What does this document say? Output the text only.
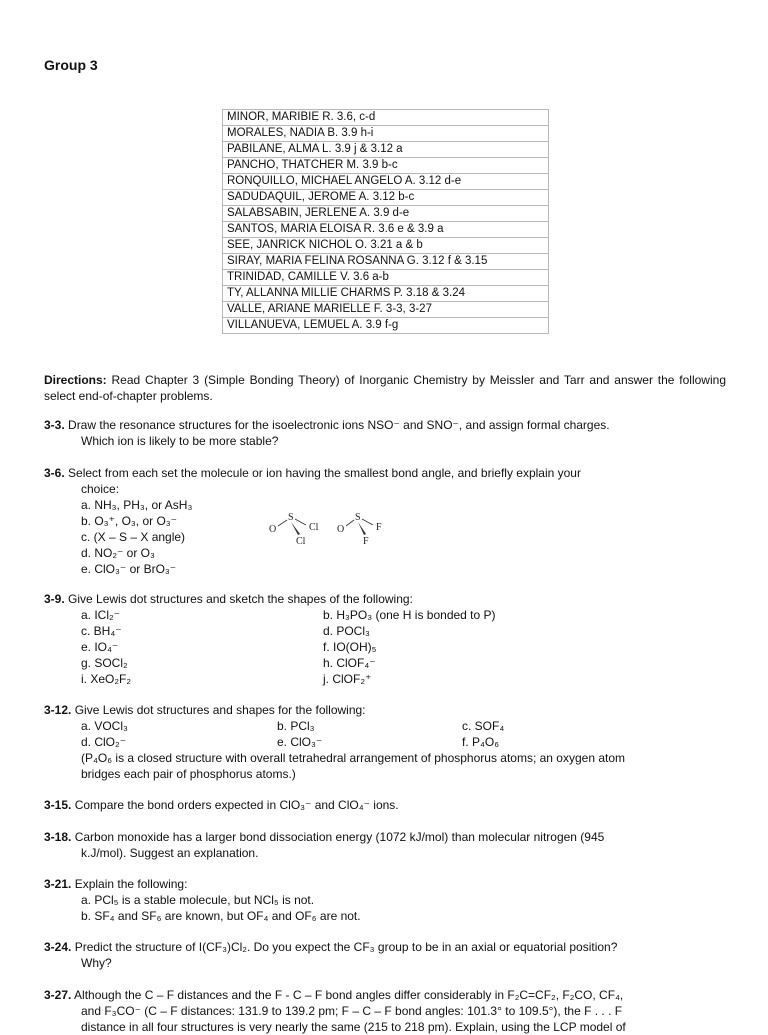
Group 3
MINOR, MARIBIE R. 3.6, c-d
MORALES, NADIA B. 3.9 h-i
PABILANE, ALMA L. 3.9 j & 3.12 a
PANCHO, THATCHER M. 3.9 b-c
RONQUILLO, MICHAEL ANGELO A. 3.12 d-e
SADUDAQUIL, JEROME A. 3.12 b-c
SALABSABIN, JERLENE A. 3.9 d-e
SANTOS, MARIA ELOISA R. 3.6 e & 3.9 a
SEE, JANRICK NICHOL O. 3.21 a & b
SIRAY, MARIA FELINA ROSANNA G. 3.12 f & 3.15
TRINIDAD, CAMILLE V. 3.6 a-b
TY, ALLANNA MILLIE CHARMS P. 3.18 & 3.24
VALLE, ARIANE MARIELLE F. 3-3, 3-27
VILLANUEVA, LEMUEL A. 3.9 f-g
Directions: Read Chapter 3 (Simple Bonding Theory) of Inorganic Chemistry by Meissler and Tarr and answer the following select end-of-chapter problems.
3-3. Draw the resonance structures for the isoelectronic ions NSO⁻ and SNO⁻, and assign formal charges.
Which ion is likely to be more stable?
3-6. Select from each set the molecule or ion having the smallest bond angle, and briefly explain your
choice:
a. NH₃, PH₃, or AsH₃
b. O₃⁺, O₃, or O₃⁻
c. (X – S – X angle)
d. NO₂⁻ or O₃
e. ClO₃⁻ or BrO₃⁻
O
S
Cl
Cl
O
S
F
F
3-9. Give Lewis dot structures and sketch the shapes of the following:
a. ICl₂⁻	b. H₃PO₃ (one H is bonded to P)
c. BH₄⁻	d. POCl₃
e. IO₄⁻	f. IO(OH)₅
g. SOCl₂	h. ClOF₄⁻
i. XeO₂F₂	j. ClOF₂⁺
3-12. Give Lewis dot structures and shapes for the following:
a. VOCl₃	b. PCl₃	c. SOF₄
d. ClO₂⁻	e. ClO₃⁻	f. P₄O₆
(P₄O₆ is a closed structure with overall tetrahedral arrangement of phosphorus atoms; an oxygen atom
bridges each pair of phosphorus atoms.)
3-15. Compare the bond orders expected in ClO₃⁻ and ClO₄⁻ ions.
3-18. Carbon monoxide has a larger bond dissociation energy (1072 kJ/mol) than molecular nitrogen (945
k.J/mol). Suggest an explanation.
3-21. Explain the following:
a. PCl₅ is a stable molecule, but NCl₅ is not.
b. SF₄ and SF₆ are known, but OF₄ and OF₆ are not.
3-24. Predict the structure of I(CF₃)Cl₂. Do you expect the CF₃ group to be in an axial or equatorial position?
Why?
3-27. Although the C – F distances and the F - C – F bond angles differ considerably in F₂C=CF₂, F₂CO, CF₄,
and F₃CO⁻ (C – F distances: 131.9 to 139.2 pm; F – C – F bond angles: 101.3° to 109.5°), the F . . . F
distance in all four structures is very nearly the same (215 to 218 pm). Explain, using the LCP model of
